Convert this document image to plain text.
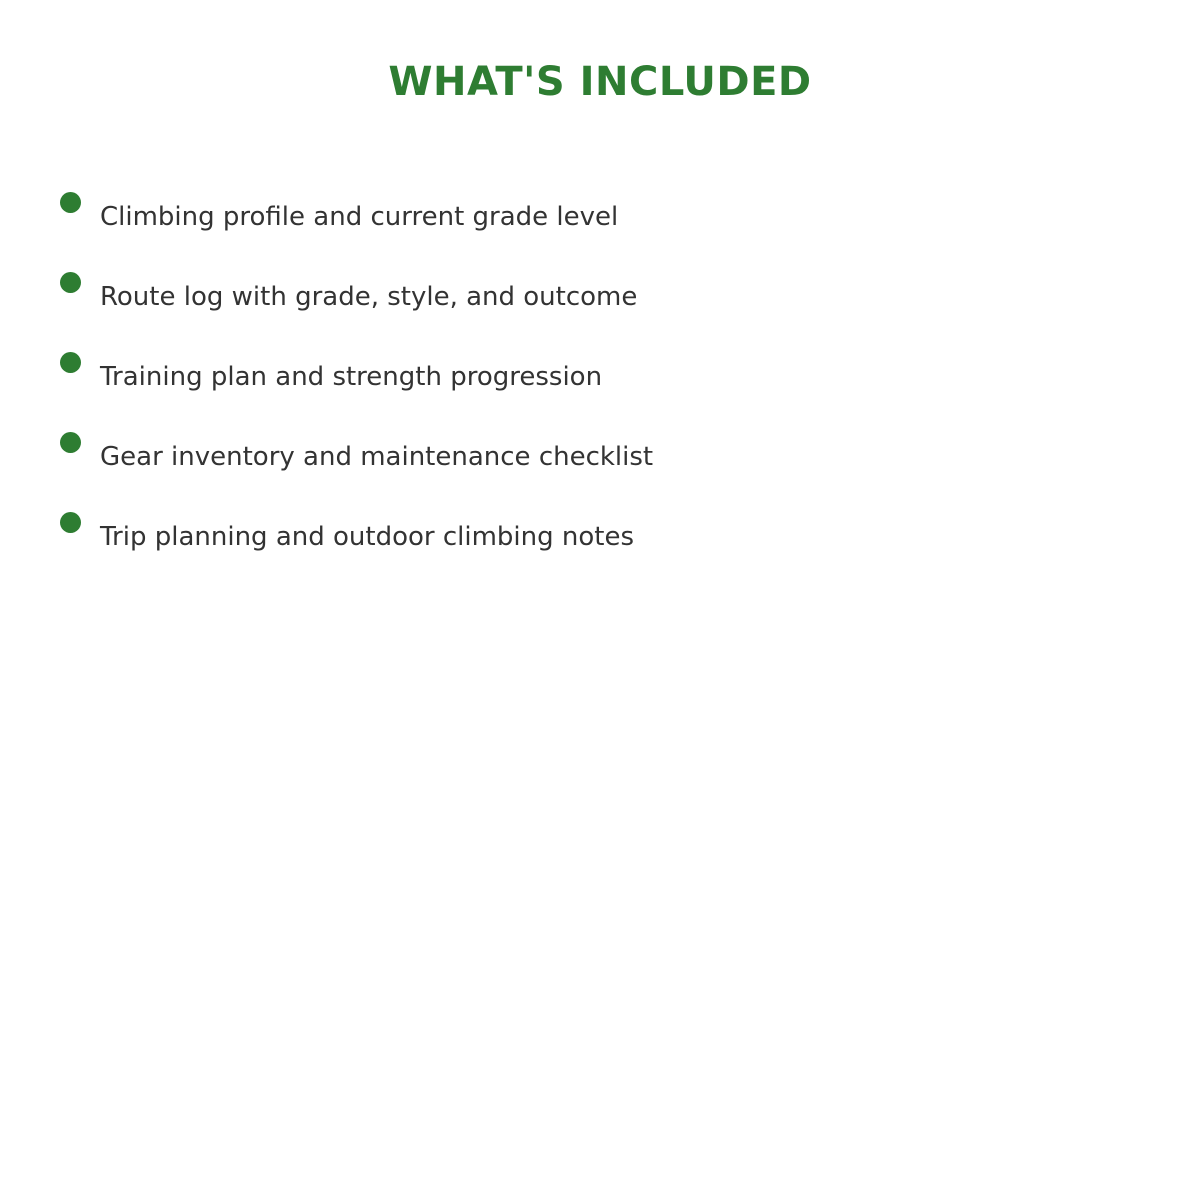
WHAT'S INCLUDED
Climbing profile and current grade level
Route log with grade, style, and outcome
Training plan and strength progression
Gear inventory and maintenance checklist
Trip planning and outdoor climbing notes
